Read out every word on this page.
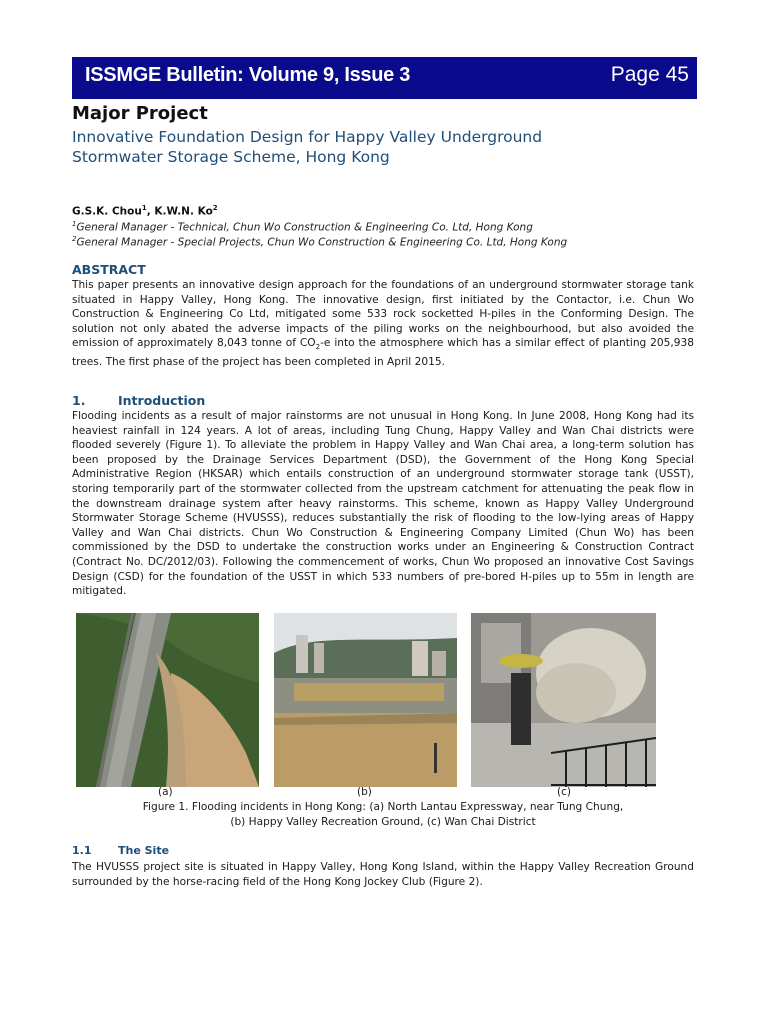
ISSMGE Bulletin: Volume 9, Issue 3	Page 45
Major Project
Innovative Foundation Design for Happy Valley Underground
Stormwater Storage Scheme, Hong Kong
G.S.K. Chou$^1$, K.W.N. Ko$^2$
$^1$General Manager - Technical, Chun Wo Construction & Engineering Co. Ltd, Hong Kong
$^2$General Manager - Special Projects, Chun Wo Construction & Engineering Co. Ltd, Hong Kong
ABSTRACT
This paper presents an innovative design approach for the foundations of an underground stormwater storage tank situated in Happy Valley, Hong Kong. The innovative design, first initiated by the Contactor, i.e. Chun Wo Construction & Engineering Co Ltd, mitigated some 533 rock socketted H-piles in the Conforming Design. The solution not only abated the adverse impacts of the piling works on the neighbourhood, but also avoided the emission of approximately 8,043 tonne of $CO_2-e$ into the atmosphere which has a similar effect of planting 205,938 trees. The first phase of the project has been completed in April 2015.
1.	Introduction
Flooding incidents as a result of major rainstorms are not unusual in Hong Kong. In June 2008, Hong Kong had its heaviest rainfall in 124 years. A lot of areas, including Tung Chung, Happy Valley and Wan Chai districts were flooded severely (Figure 1). To alleviate the problem in Happy Valley and Wan Chai area, a long-term solution has been proposed by the Drainage Services Department (DSD), the Government of the Hong Kong Special Administrative Region (HKSAR) which entails construction of an underground stormwater storage tank (USST), storing temporarily part of the stormwater collected from the upstream catchment for attenuating the peak flow in the downstream drainage system after heavy rainstorms. This scheme, known as Happy Valley Underground Stormwater Storage Scheme (HVUSSS), reduces substantially the risk of flooding to the low-lying areas of Happy Valley and Wan Chai districts. Chun Wo Construction & Engineering Company Limited (Chun Wo) has been commissioned by the DSD to undertake the construction works under an Engineering & Construction Contract (Contract No. DC/2012/03). Following the commencement of works, Chun Wo proposed an innovative Cost Savings Design (CSD) for the foundation of the USST in which 533 numbers of pre-bored H-piles up to 55m in length are mitigated.
(a)	(b)	(c)
Figure 1. Flooding incidents in Hong Kong: (a) North Lantau Expressway, near Tung Chung,
(b) Happy Valley Recreation Ground, (c) Wan Chai District
1.1 The Site
The HVUSSS project site is situated in Happy Valley, Hong Kong Island, within the Happy Valley Recreation Ground surrounded by the horse-racing field of the Hong Kong Jockey Club (Figure 2).
